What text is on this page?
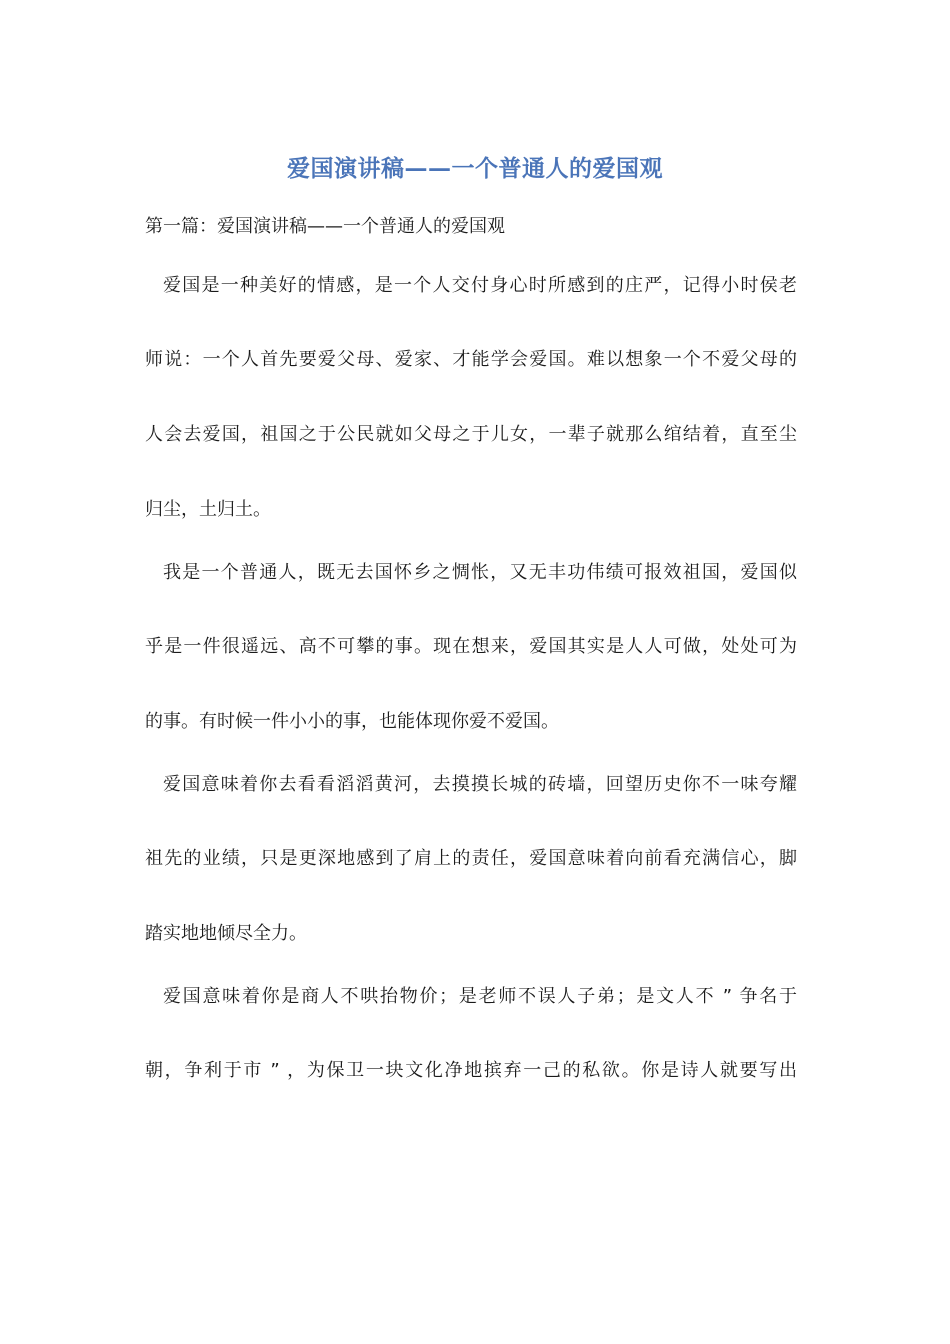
爱国演讲稿——一个普通人的爱国观

第一篇：爱国演讲稿——一个普通人的爱国观

爱国是一种美好的情感，是一个人交付身心时所感到的庄严，记得小时侯老

师说：一个人首先要爱父母、爱家、才能学会爱国。难以想象一个不爱父母的

人会去爱国，祖国之于公民就如父母之于儿女，一辈子就那么绾结着，直至尘

归尘，土归土。

我是一个普通人，既无去国怀乡之惆怅，又无丰功伟绩可报效祖国，爱国似

乎是一件很遥远、高不可攀的事。现在想来，爱国其实是人人可做，处处可为

的事。有时候一件小小的事，也能体现你爱不爱国。

爱国意味着你去看看滔滔黄河，去摸摸长城的砖墙，回望历史你不一味夸耀

祖先的业绩，只是更深地感到了肩上的责任，爱国意味着向前看充满信心，脚

踏实地地倾尽全力。

爱国意味着你是商人不哄抬物价；是老师不误人子弟；是文人不 ” 争名于

朝，争利于市 ” ，为保卫一块文化净地摈弃一己的私欲。你是诗人就要写出
